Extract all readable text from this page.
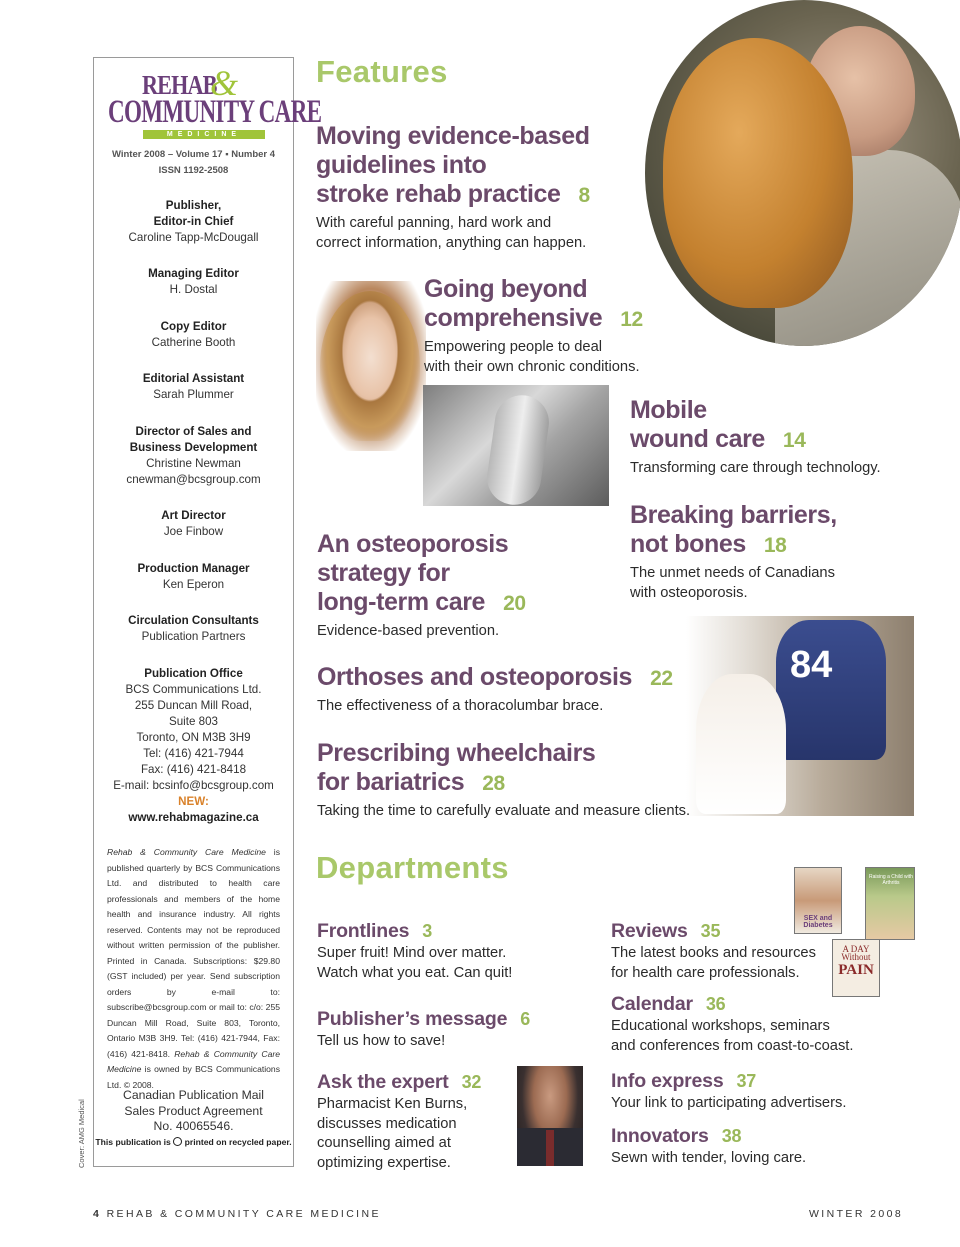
REHAB
&
COMMUNITY CARE
MEDICINE
Winter 2008 – Volume 17 ▪ Number 4
ISSN 1192-2508
Publisher,
Editor-in Chief
Caroline Tapp-McDougall
Managing Editor
H. Dostal
Copy Editor
Catherine Booth
Editorial Assistant
Sarah Plummer
Director of Sales and
Business Development
Christine Newman
cnewman@bcsgroup.com
Art Director
Joe Finbow
Production Manager
Ken Eperon
Circulation Consultants
Publication Partners
Publication Office
BCS Communications Ltd.
255 Duncan Mill Road,
Suite 803
Toronto, ON M3B 3H9
Tel: (416) 421-7944
Fax: (416) 421-8418
E-mail: bcsinfo@bcsgroup.com
NEW:
www.rehabmagazine.ca
Rehab & Community Care Medicine is published quarterly by BCS Communications Ltd. and distributed to health care professionals and members of the home health and insurance industry. All rights reserved. Contents may not be reproduced without written permission of the publisher. Printed in Canada. Subscriptions: $29.80 (GST included) per year. Send subscription orders by e-mail to: subscribe@bcsgroup.com or mail to: c/o: 255 Duncan Mill Road, Suite 803, Toronto, Ontario M3B 3H9. Tel: (416) 421-7944, Fax: (416) 421-8418. Rehab & Community Care Medicine is owned by BCS Communications Ltd. © 2008.
Canadian Publication Mail
Sales Product Agreement
No. 40065546.
This publication is printed on recycled paper.
Cover: AMG Medical
Features
Moving evidence-based
guidelines into
stroke rehab practice 8
With careful panning, hard work and
correct information, anything can happen.
Going beyond
comprehensive 12
Empowering people to deal
with their own chronic conditions.
Mobile
wound care 14
Transforming care through technology.
Breaking barriers,
not bones 18
The unmet needs of Canadians
with osteoporosis.
An osteoporosis
strategy for
long-term care 20
Evidence-based prevention.
84
Orthoses and osteoporosis 22
The effectiveness of a thoracolumbar brace.
Prescribing wheelchairs
for bariatrics 28
Taking the time to carefully evaluate and measure clients.
Departments
Frontlines 3
Super fruit! Mind over matter.
Watch what you eat. Can quit!
Publisher’s message 6
Tell us how to save!
Ask the expert 32
Pharmacist Ken Burns,
discusses medication
counselling aimed at
optimizing expertise.
Reviews 35
The latest books and resources
for health care professionals.
SEX and Diabetes
Raising a Child with Arthritis
A DAY
Without
PAIN
Calendar 36
Educational workshops, seminars
and conferences from coast-to-coast.
Info express 37
Your link to participating advertisers.
Innovators 38
Sewn with tender, loving care.
4 REHAB & COMMUNITY CARE MEDICINE	WINTER 2008
